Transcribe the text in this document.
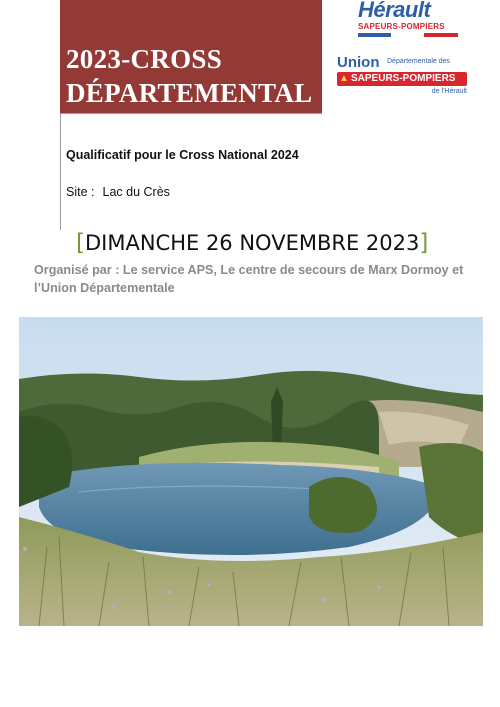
2023-CROSS
DÉPARTEMENTAL
Hérault
SAPEURS-POMPIERS
Union Départementale des
▲ SAPEURS-POMPIERS
de l'Hérault
Qualificatif pour le Cross National 2024
Site : Lac du Crès
[DIMANCHE 26 NOVEMBRE 2023]
Organisé par : Le service APS, Le centre de secours de Marx Dormoy et l’Union Départementale
